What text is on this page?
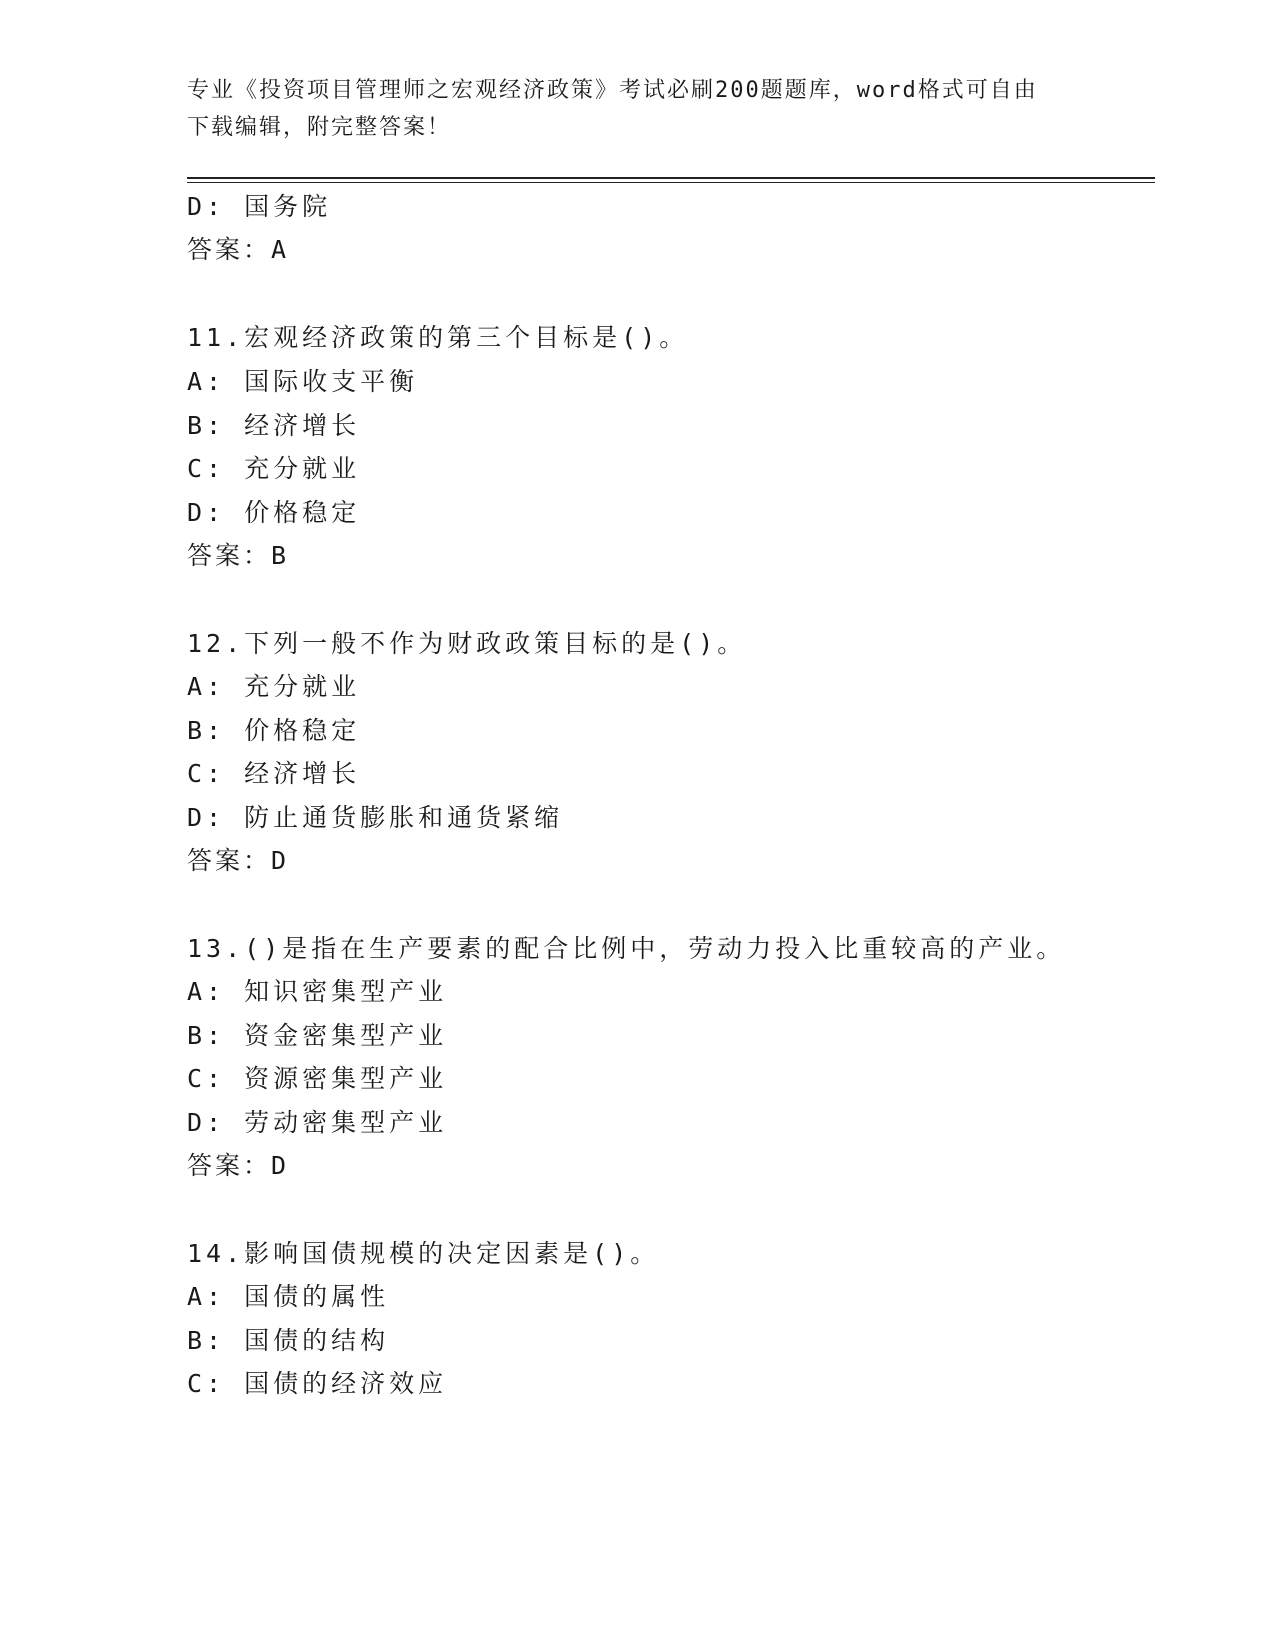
专业《投资项目管理师之宏观经济政策》考试必刷200题题库，word格式可自由
下载编辑，附完整答案！
D: 国务院
答案：A
11.宏观经济政策的第三个目标是()。
A: 国际收支平衡
B: 经济增长
C: 充分就业
D: 价格稳定
答案：B
12.下列一般不作为财政政策目标的是()。
A: 充分就业
B: 价格稳定
C: 经济增长
D: 防止通货膨胀和通货紧缩
答案：D
13.()是指在生产要素的配合比例中，劳动力投入比重较高的产业。
A: 知识密集型产业
B: 资金密集型产业
C: 资源密集型产业
D: 劳动密集型产业
答案：D
14.影响国债规模的决定因素是()。
A: 国债的属性
B: 国债的结构
C: 国债的经济效应
